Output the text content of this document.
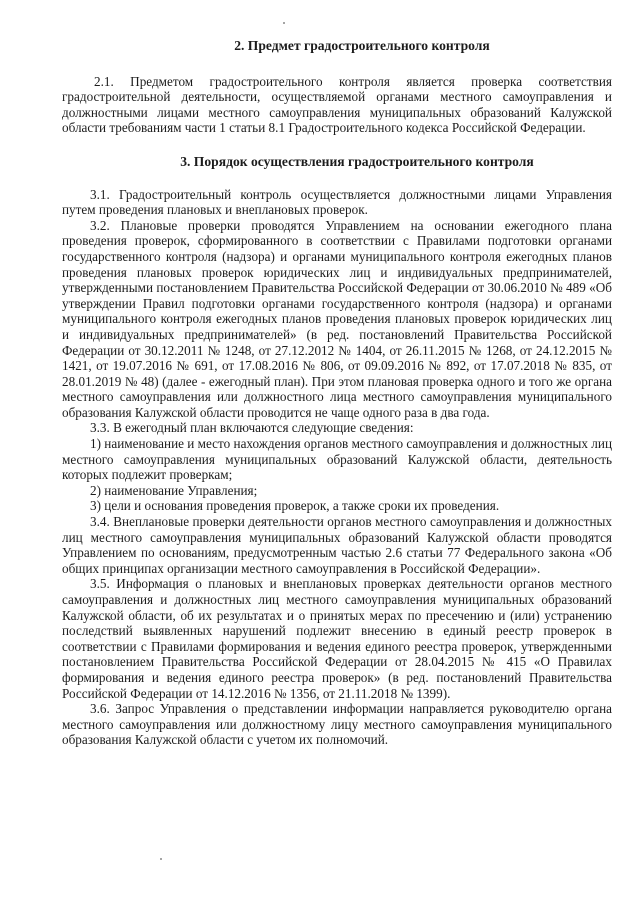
2. Предмет градостроительного контроля

2.1. Предметом градостроительного контроля является проверка соответствия градостроительной деятельности, осуществляемой органами местного самоуправления и должностными лицами местного самоуправления муниципальных образований Калужской области требованиям части 1 статьи 8.1 Градостроительного кодекса Российской Федерации.

3. Порядок осуществления градостроительного контроля

3.1. Градостроительный контроль осуществляется должностными лицами Управления путем проведения плановых и внеплановых проверок.

3.2. Плановые проверки проводятся Управлением на основании ежегодного плана проведения проверок, сформированного в соответствии с Правилами подготовки органами государственного контроля (надзора) и органами муниципального контроля ежегодных планов проведения плановых проверок юридических лиц и индивидуальных предпринимателей, утвержденными постановлением Правительства Российской Федерации от 30.06.2010 № 489 «Об утверждении Правил подготовки органами государственного контроля (надзора) и органами муниципального контроля ежегодных планов проведения плановых проверок юридических лиц и индивидуальных предпринимателей» (в ред. постановлений Правительства Российской Федерации от 30.12.2011 № 1248, от 27.12.2012 № 1404, от 26.11.2015 № 1268, от 24.12.2015 № 1421, от 19.07.2016 № 691, от 17.08.2016 № 806, от 09.09.2016 № 892, от 17.07.2018 № 835, от 28.01.2019 № 48) (далее - ежегодный план). При этом плановая проверка одного и того же органа местного самоуправления или должностного лица местного самоуправления муниципального образования Калужской области проводится не чаще одного раза в два года.

3.3. В ежегодный план включаются следующие сведения:

1) наименование и место нахождения органов местного самоуправления и должностных лиц местного самоуправления муниципальных образований Калужской области, деятельность которых подлежит проверкам;

2) наименование Управления;

3) цели и основания проведения проверок, а также сроки их проведения.

3.4. Внеплановые проверки деятельности органов местного самоуправления и должностных лиц местного самоуправления муниципальных образований Калужской области проводятся Управлением по основаниям, предусмотренным частью 2.6 статьи 77 Федерального закона «Об общих принципах организации местного самоуправления в Российской Федерации».

3.5. Информация о плановых и внеплановых проверках деятельности органов местного самоуправления и должностных лиц местного самоуправления муниципальных образований Калужской области, об их результатах и о принятых мерах по пресечению и (или) устранению последствий выявленных нарушений подлежит внесению в единый реестр проверок в соответствии с Правилами формирования и ведения единого реестра проверок, утвержденными постановлением Правительства Российской Федерации от 28.04.2015 № 415 «О Правилах формирования и ведения единого реестра проверок» (в ред. постановлений Правительства Российской Федерации от 14.12.2016 № 1356, от 21.11.2018 № 1399).

3.6. Запрос Управления о представлении информации направляется руководителю органа местного самоуправления или должностному лицу местного самоуправления муниципального образования Калужской области с учетом их полномочий.
